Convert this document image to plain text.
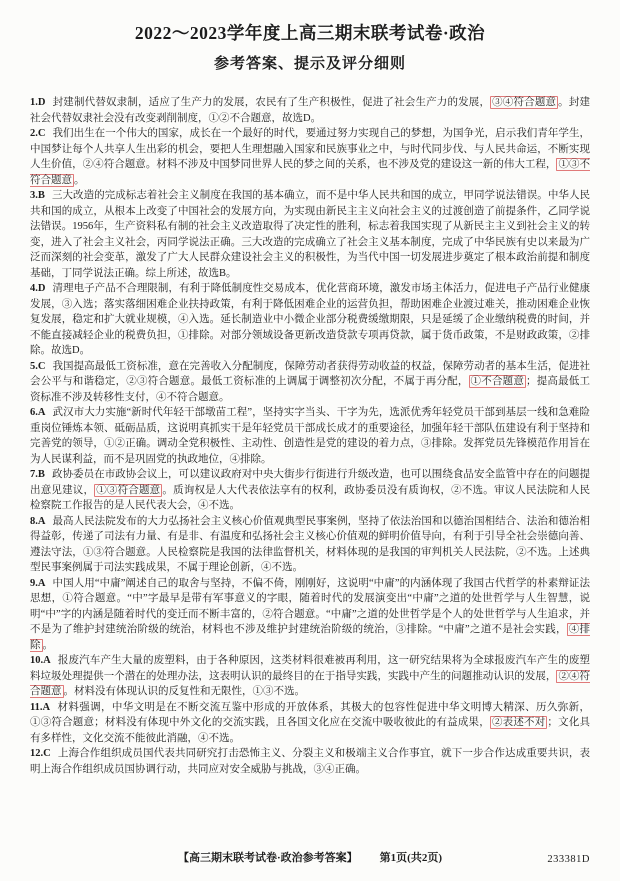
2022～2023学年度上高三期末联考试卷·政治
参考答案、提示及评分细则
1.D 封建制代替奴隶制，适应了生产力的发展，农民有了生产积极性，促进了社会生产力的发展， ③④符合题意 。封建社会代替奴隶社会没有改变剥削制度，①②不合题意，故选D。
2.C 我们出生在一个伟大的国家，成长在一个最好的时代，要通过努力实现自己的梦想，为国争光，启示我们青年学生，中国梦让每个人共享人生出彩的机会，要把人生理想融入国家和民族事业之中，与时代同步伐、与人民共命运，不断实现人生价值，②④符合题意。材料不涉及中国梦同世界人民的梦之间的关系，也不涉及党的建设这一新的伟大工程， ①③不符合题意 。
3.B 三大改造的完成标志着社会主义制度在我国的基本确立，而不是中华人民共和国的成立，甲同学说法错误。中华人民共和国的成立，从根本上改变了中国社会的发展方向，为实现由新民主主义向社会主义的过渡创造了前提条件，乙同学说法错误。1956年，生产资料私有制的社会主义改造取得了决定性的胜利，标志着我国实现了从新民主主义到社会主义的转变，进入了社会主义社会，丙同学说法正确。三大改造的完成确立了社会主义基本制度，完成了中华民族有史以来最为广泛而深刻的社会变革，激发了广大人民群众建设社会主义的积极性，为当代中国一切发展进步奠定了根本政治前提和制度基础，丁同学说法正确。综上所述，故选B。
4.D 清理电子产品不合理限制，有利于降低制度性交易成本，优化营商环境，激发市场主体活力，促进电子产品行业健康发展，③入选；落实落细困难企业扶持政策，有利于降低困难企业的运营负担，帮助困难企业渡过难关，推动困难企业恢复发展，稳定和扩大就业规模，④入选。延长制造业中小微企业部分税费缓缴期限，只是延缓了企业缴纳税费的时间，并不能直接减轻企业的税费负担，①排除。对部分领域设备更新改造贷款专项再贷款，属于货币政策，不是财政政策，②排除。故选D。
5.C 我国提高最低工资标准，意在完善收入分配制度，保障劳动者获得劳动收益的权益，保障劳动者的基本生活，促进社会公平与和谐稳定，②③符合题意。最低工资标准的上调属于调整初次分配，不属于再分配， ①不合题意 ；提高最低工资标准不涉及转移性支付，④不符合题意。
6.A 武汉市大力实施“新时代年轻干部墩苗工程”，坚持实字当头、干字为先，选派优秀年轻党员干部到基层一线和急难险重岗位锤炼本领、砥砺品质，这说明真抓实干是年轻党员干部成长成才的重要途径，加强年轻干部队伍建设有利于坚持和完善党的领导，①②正确。调动全党积极性、主动性、创造性是党的建设的着力点，③排除。发挥党员先锋模范作用旨在为人民谋利益，而不是巩固党的执政地位，④排除。
7.B 政协委员在市政协会议上，可以建议政府对中央大街步行街进行升级改造，也可以围绕食品安全监管中存在的问题提出意见建议， ①③符合题意 。质询权是人大代表依法享有的权利，政协委员没有质询权，②不选。审议人民法院和人民检察院工作报告的是人民代表大会，④不选。
8.A 最高人民法院发布的大力弘扬社会主义核心价值观典型民事案例，坚持了依法治国和以德治国相结合、法治和德治相得益彰，传递了司法有力量、有是非、有温度和弘扬社会主义核心价值观的鲜明价值导向，有利于引导全社会崇德向善、遵法守法，①③符合题意。人民检察院是我国的法律监督机关，材料体现的是我国的审判机关人民法院，②不选。上述典型民事案例属于司法实践成果，不属于理论创新，④不选。
9.A 中国人用“中庸”阐述自己的取舍与坚持，不偏不倚，刚刚好，这说明“中庸”的内涵体现了我国古代哲学的朴素辩证法思想，①符合题意。“中”字最早是带有军事意义的字眼，随着时代的发展演变出“中庸”之道的处世哲学与人生智慧，说明“中”字的内涵是随着时代的变迁而不断丰富的，②符合题意。“中庸”之道的处世哲学是个人的处世哲学与人生追求，并不是为了维护封建统治阶级的统治，材料也不涉及维护封建统治阶级的统治，③排除。“中庸”之道不是社会实践， ④排除 。
10.A 报废汽车产生大量的废塑料，由于各种原因，这类材料很难被再利用，这一研究结果将为全球报废汽车产生的废塑料垃圾处理提供一个潜在的处理办法，这表明认识的最终目的在于指导实践，实践中产生的问题推动认识的发展， ②④符合题意 。材料没有体现认识的反复性和无限性，①③不选。
11.A 材料强调，中华文明是在不断交流互鉴中形成的开放体系，其极大的包容性促进中华文明博大精深、历久弥新，①③符合题意；材料没有体现中外文化的交流实践，且各国文化应在交流中吸收彼此的有益成果， ②表述不对 ；文化具有多样性，文化交流不能彼此消融，④不选。
12.C 上海合作组织成员国代表共同研究打击恐怖主义、分裂主义和极端主义合作事宜，就下一步合作达成重要共识，表明上海合作组织成员国协调行动，共同应对安全威胁与挑战，③④正确。
【高三期末联考试卷·政治参考答案】 第1页(共2页)	233381D
